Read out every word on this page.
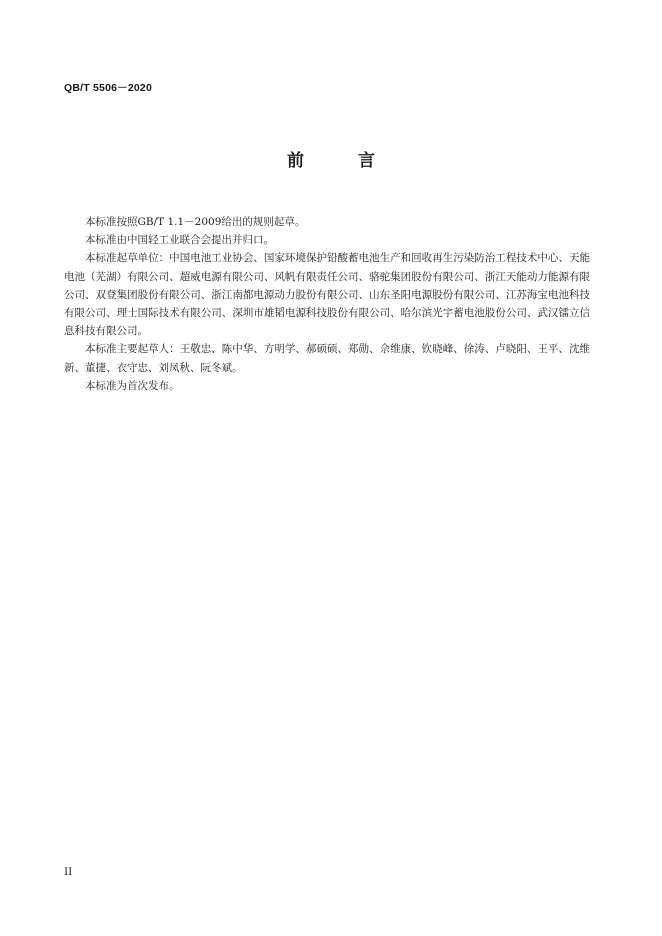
QB/T 5506－2020
前 言

本标准按照GB/T 1.1－2009给出的规则起草。

本标准由中国轻工业联合会提出并归口。

本标准起草单位：中国电池工业协会、国家环境保护铅酸蓄电池生产和回收再生污染防治工程技术中心、天能电池（芜湖）有限公司、超威电源有限公司、风帆有限责任公司、骆驼集团股份有限公司、浙江天能动力能源有限公司、双登集团股份有限公司、浙江南都电源动力股份有限公司、山东圣阳电源股份有限公司、江苏海宝电池科技有限公司、理士国际技术有限公司、深圳市雄韬电源科技股份有限公司、哈尔滨光宇蓄电池股份公司、武汉镭立信息科技有限公司。

本标准主要起草人：王敬忠、陈中华、方明学、郝硕硕、郑勋、佘维康、钦晓峰、徐涛、卢晓阳、王平、沈维新、董捷、衣守忠、刘凤秋、阮冬斌。

本标准为首次发布。

II
